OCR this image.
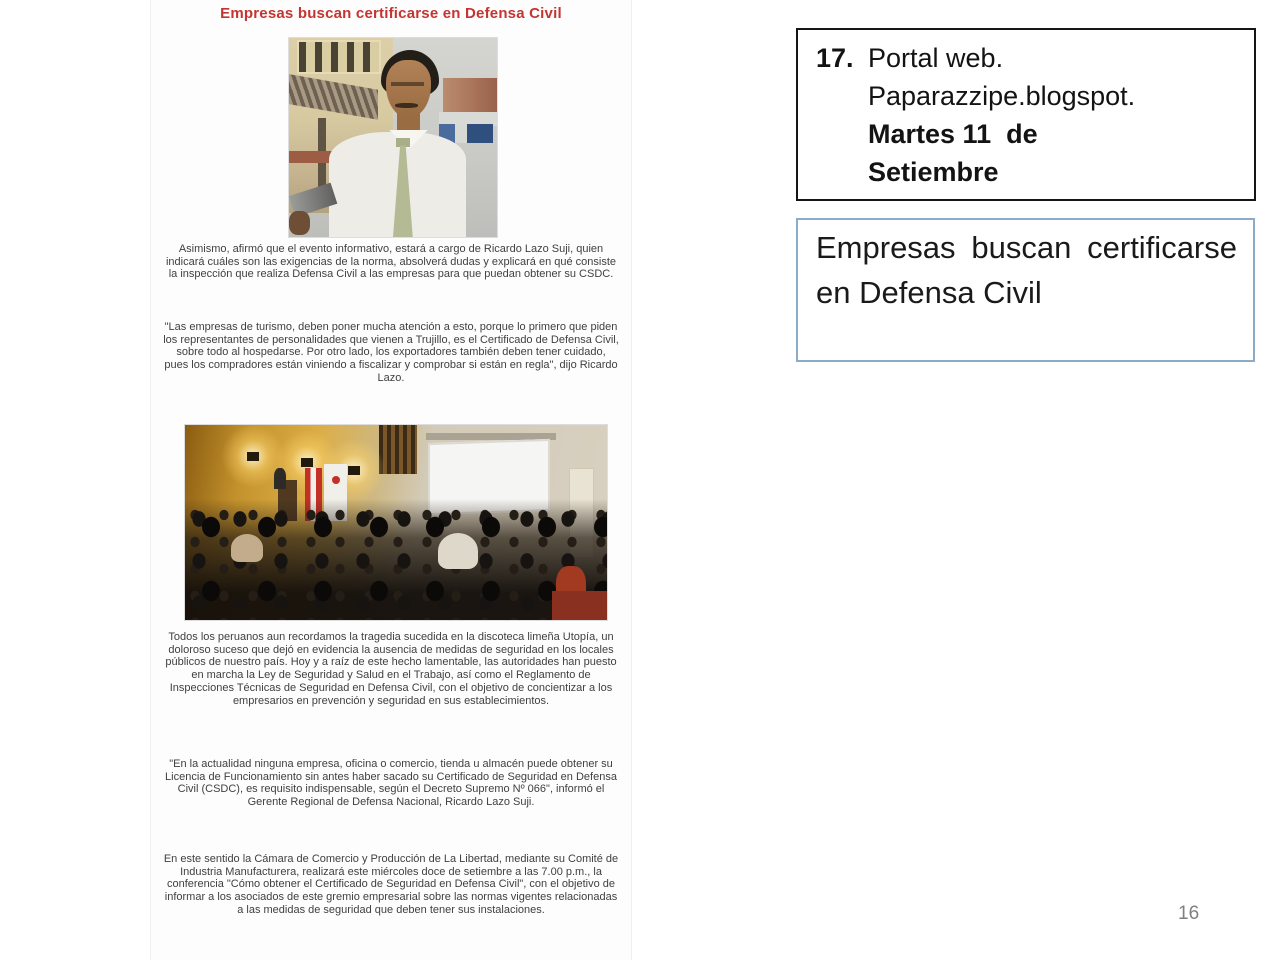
Empresas buscan certificarse en Defensa Civil

Asimismo, afirmó que el evento informativo, estará a cargo de Ricardo Lazo Suji, quien indicará cuáles son las exigencias de la norma, absolverá dudas y explicará en qué consiste la inspección que realiza Defensa Civil a las empresas para que puedan obtener su CSDC.

"Las empresas de turismo, deben poner mucha atención a esto, porque lo primero que piden los representantes de personalidades que vienen a Trujillo, es el Certificado de Defensa Civil, sobre todo al hospedarse. Por otro lado, los exportadores también deben tener cuidado, pues los compradores están viniendo a fiscalizar y comprobar si están en regla", dijo Ricardo Lazo.

Todos los peruanos aun recordamos la tragedia sucedida en la discoteca limeña Utopía, un doloroso suceso que dejó en evidencia la ausencia de medidas de seguridad en los locales públicos de nuestro país. Hoy y a raíz de este hecho lamentable, las autoridades han puesto en marcha la Ley de Seguridad y Salud en el Trabajo, así como el Reglamento de Inspecciones Técnicas de Seguridad en Defensa Civil, con el objetivo de concientizar a los empresarios en prevención y seguridad en sus establecimientos.

"En la actualidad ninguna empresa, oficina o comercio, tienda u almacén puede obtener su Licencia de Funcionamiento sin antes haber sacado su Certificado de Seguridad en Defensa Civil (CSDC), es requisito indispensable, según el Decreto Supremo Nº 066", informó el Gerente Regional de Defensa Nacional, Ricardo Lazo Suji.

En este sentido la Cámara de Comercio y Producción de La Libertad, mediante su Comité de Industria Manufacturera, realizará este miércoles doce de setiembre a las 7.00 p.m., la conferencia "Cómo obtener el Certificado de Seguridad en Defensa Civil", con el objetivo de informar a los asociados de este gremio empresarial sobre las normas vigentes relacionadas a las medidas de seguridad que deben tener sus instalaciones.

17. Portal web.
Paparazzipe.blogspot.
Martes 11  de
Setiembre
Empresas buscan certificarse en Defensa Civil
16
